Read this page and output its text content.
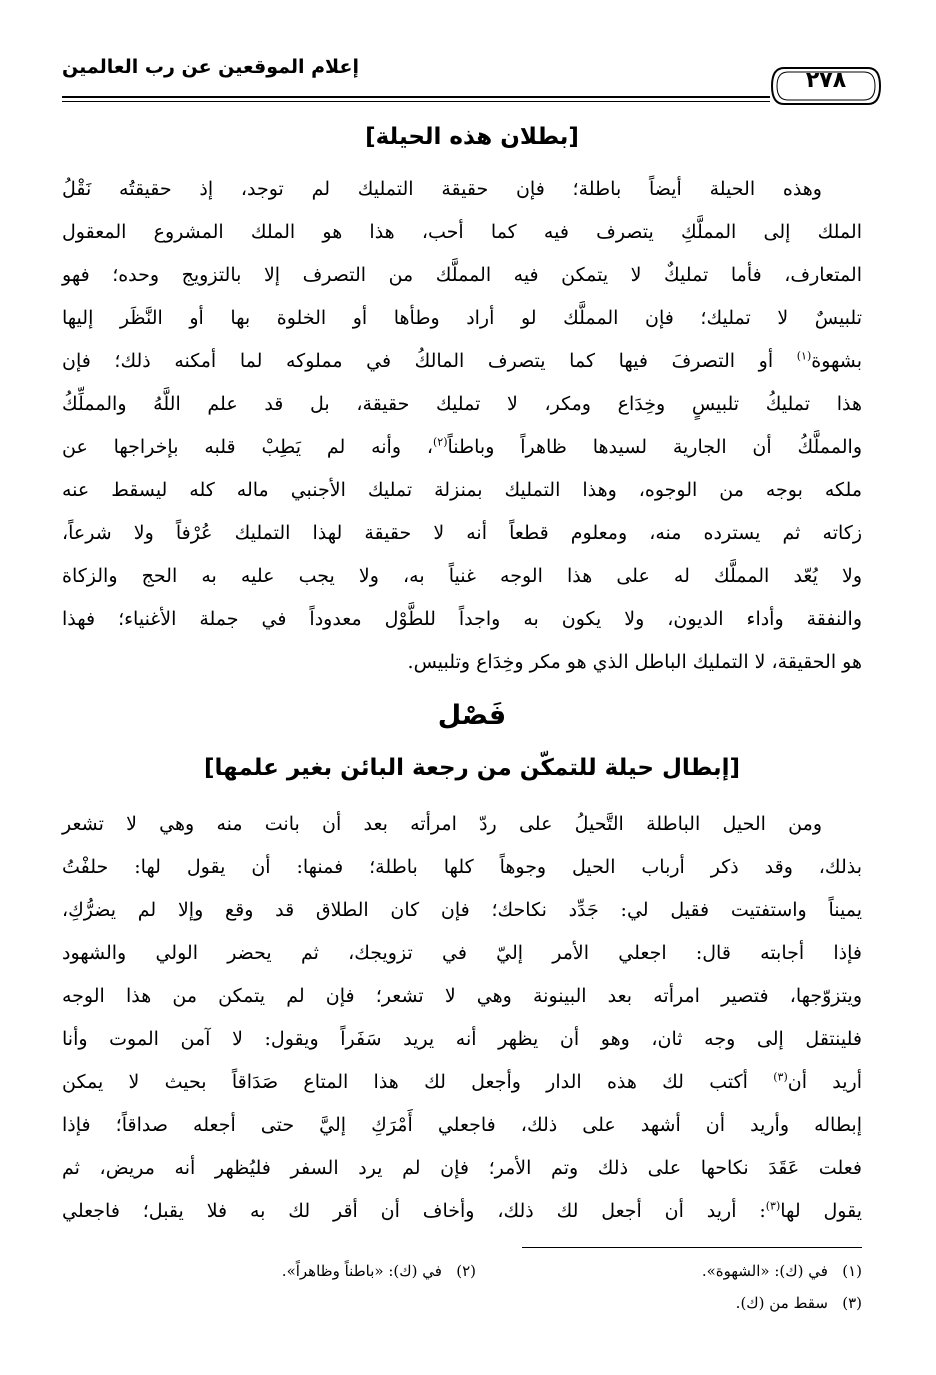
إعلام الموقعين عن رب العالمين
٢٧٨
[بطلان هذه الحيلة]
وهذه الحيلة أيضاً باطلة؛ فإن حقيقة التمليك لم توجد، إذ حقيقتُه نَقْلُ
الملك إلى المملَّكِ يتصرف فيه كما أحب، هذا هو الملك المشروع المعقول
المتعارف، فأما تمليكٌ لا يتمكن فيه المملَّك من التصرف إلا بالتزويج وحده؛ فهو
تلبيسٌ لا تمليك؛ فإن المملَّك لو أراد وطأها أو الخلوة بها أو النَّظَر إليها
بشهوة$^{(١)}$ أو التصرفَ فيها كما يتصرف المالكُ في مملوكه لما أمكنه ذلك؛ فإن
هذا تمليكُ تلبيسٍ وخِدَاع ومكر، لا تمليك حقيقة، بل قد علم اللَّهُ والمملِّكُ
والمملَّكُ أن الجارية لسيدها ظاهراً وباطناً$^{(٢)}$، وأنه لم يَطِبْ قلبه بإخراجها عن
ملكه بوجه من الوجوه، وهذا التمليك بمنزلة تمليك الأجنبي ماله كله ليسقط عنه
زكاته ثم يسترده منه، ومعلوم قطعاً أنه لا حقيقة لهذا التمليك عُرْفاً ولا شرعاً،
ولا يُعّد المملَّك له على هذا الوجه غنياً به، ولا يجب عليه به الحج والزكاة
والنفقة وأداء الديون، ولا يكون به واجداً للطَّوْل معدوداً في جملة الأغنياء؛ فهذا
هو الحقيقة، لا التمليك الباطل الذي هو مكر وخِدَاع وتلبيس.
فَصْل
[إبطال حيلة للتمكّن من رجعة البائن بغير علمها]
ومن الحيل الباطلة التَّحيلُ على ردّ امرأته بعد أن بانت منه وهي لا تشعر
بذلك، وقد ذكر أرباب الحيل وجوهاً كلها باطلة؛ فمنها: أن يقول لها: حلفْتُ
يميناً واستفتيت فقيل لي: جَدِّد نكاحك؛ فإن كان الطلاق قد وقع وإلا لم يضرُّكِ،
فإذا أجابته قال: اجعلي الأمر إليّ في تزويجك، ثم يحضر الولي والشهود
ويتزوّجها، فتصير امرأته بعد البينونة وهي لا تشعر؛ فإن لم يتمكن من هذا الوجه
فلينتقل إلى وجه ثان، وهو أن يظهر أنه يريد سَفَراً ويقول: لا آمن الموت وأنا
أريد أن$^{(٣)}$ أكتب لك هذه الدار وأجعل لك هذا المتاع صَدَاقاً بحيث لا يمكن
إبطاله وأريد أن أشهد على ذلك، فاجعلي أَمْرَكِ إليَّ حتى أجعله صداقاً؛ فإذا
فعلت عَقَدَ نكاحها على ذلك وتم الأمر؛ فإن لم يرد السفر فليُظهر أنه مريض، ثم
يقول لها$^{(٣)}$: أريد أن أجعل لك ذلك، وأخاف أن أقر لك به فلا يقبل؛ فاجعلي
(١)   في (ك): «الشهوة».
(٢)   في (ك): «باطناً وظاهراً».
(٣)   سقط من (ك).
